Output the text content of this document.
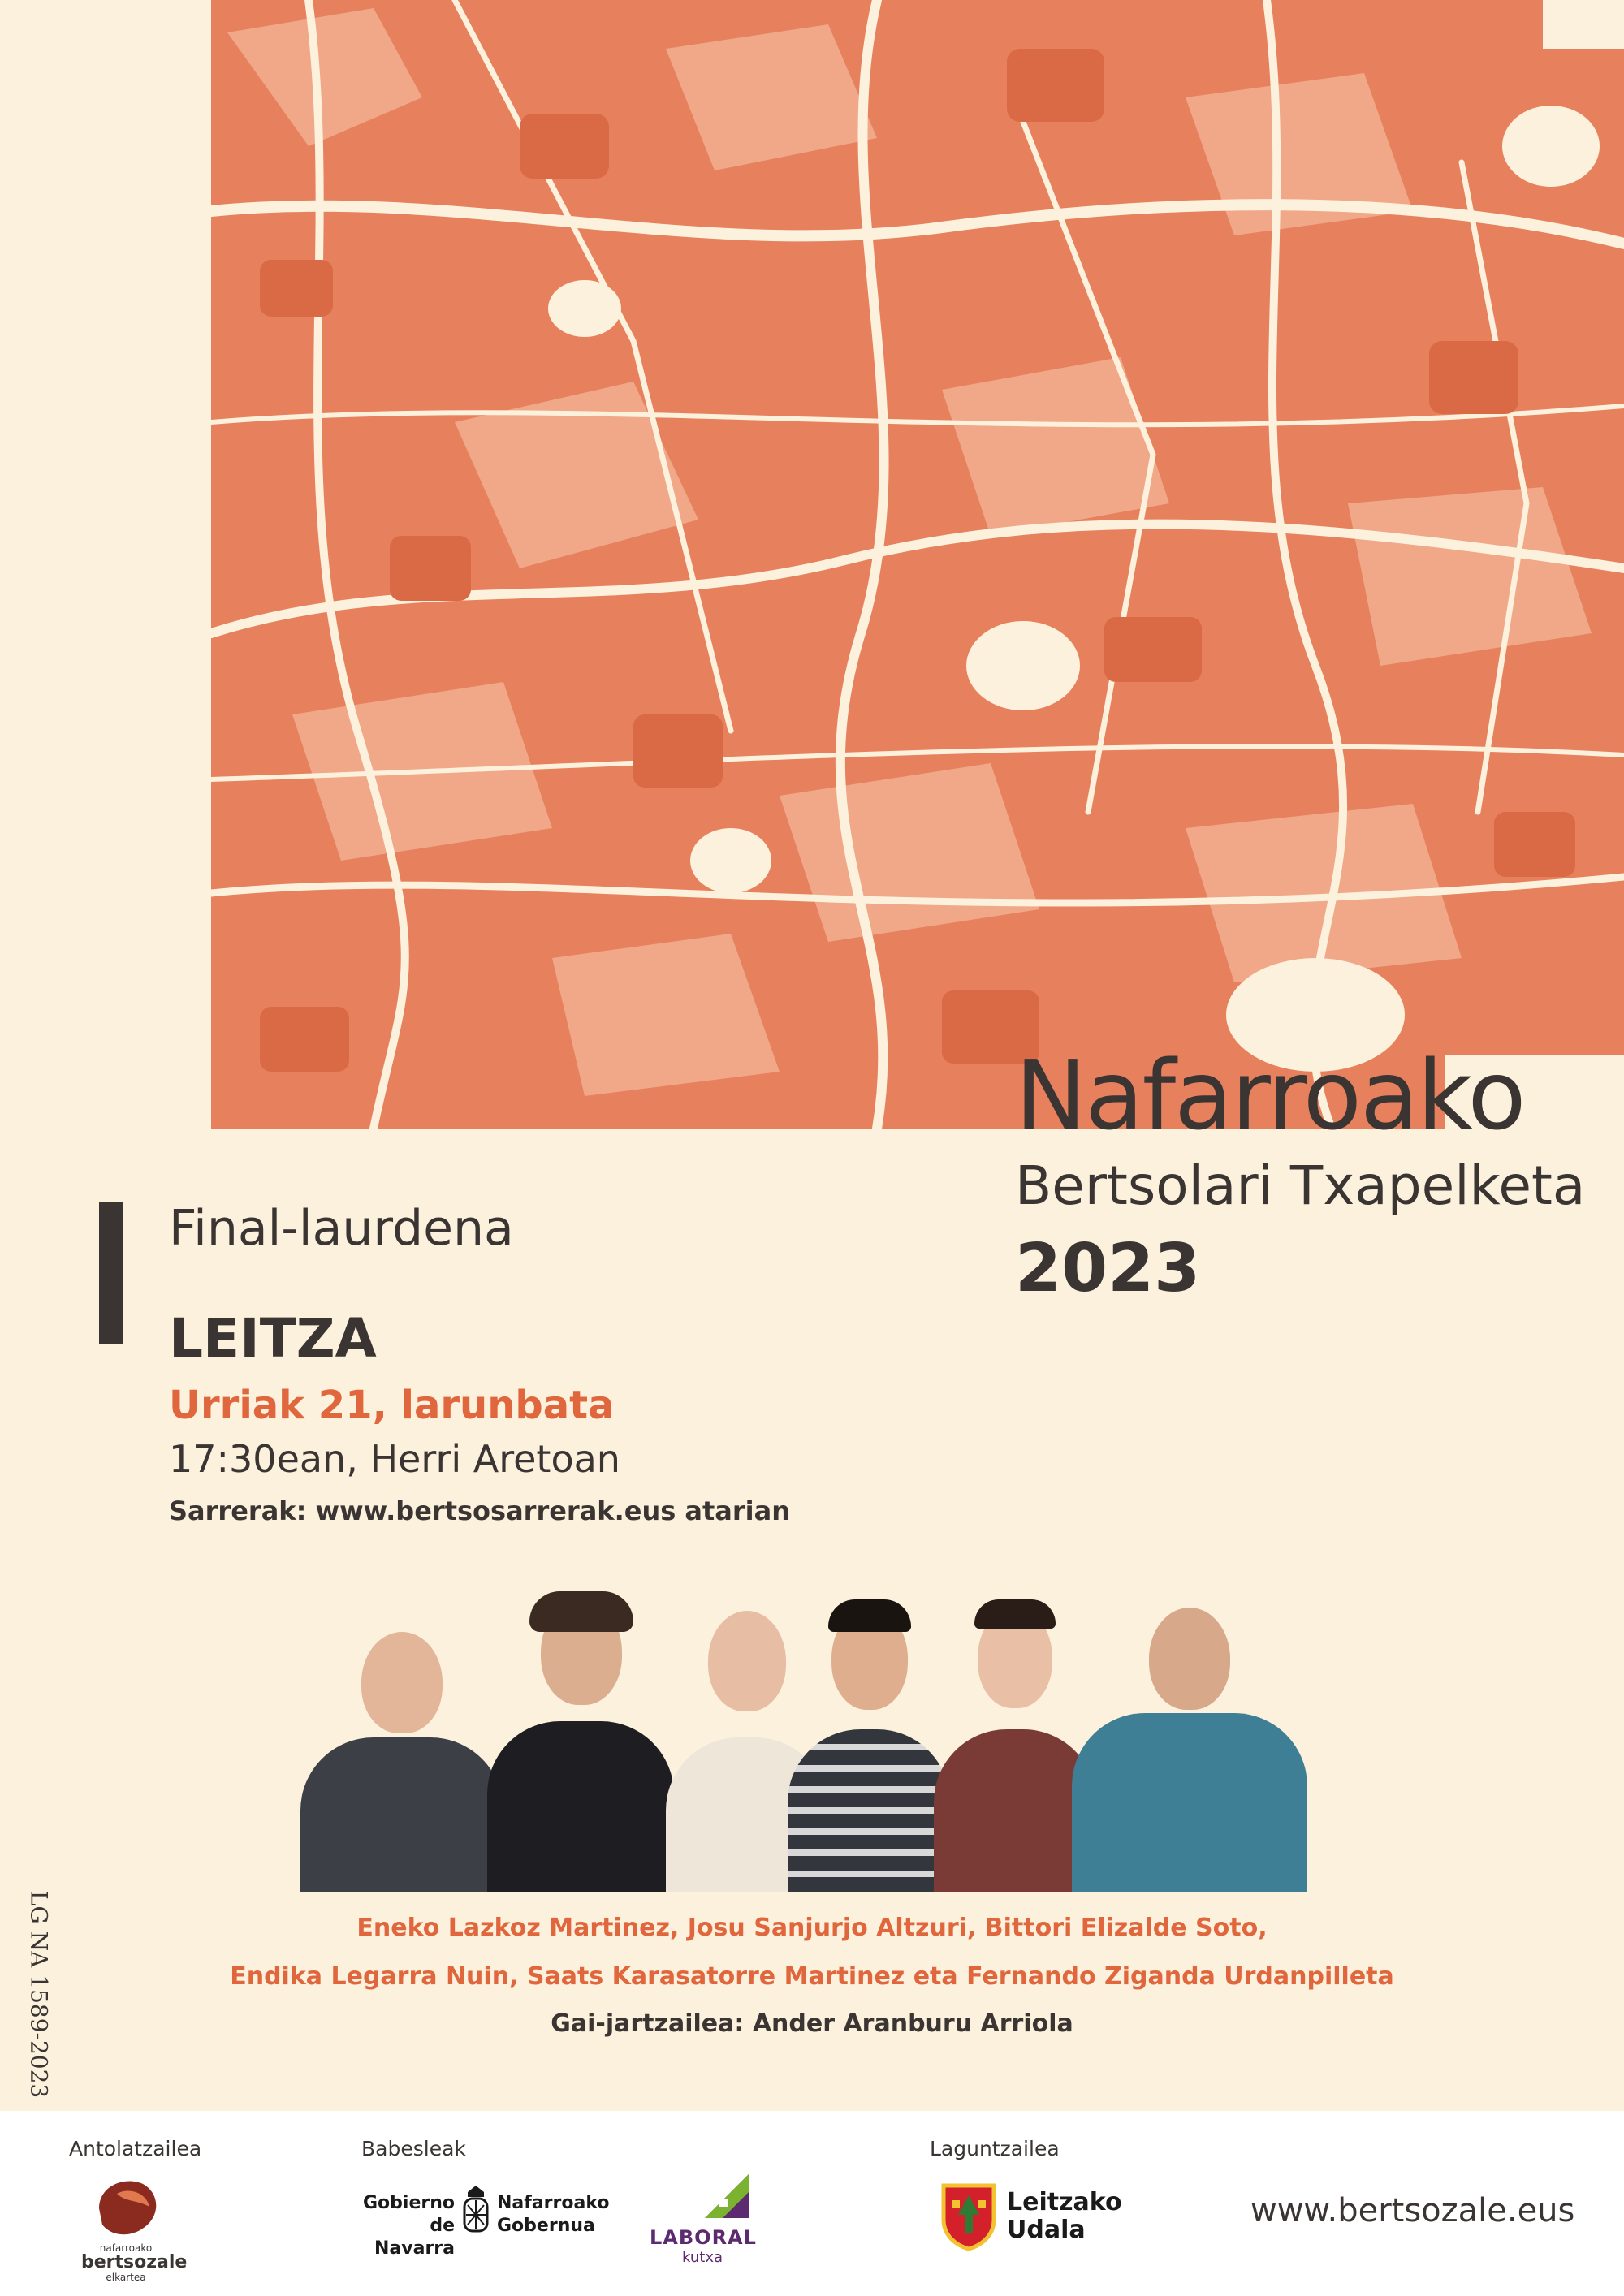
Nafarroako
Bertsolari Txapelketa
2023
Final-laurdena
LEITZA
Urriak 21, larunbata
17:30ean, Herri Aretoan
Sarrerak: www.bertsosarrerak.eus atarian
Eneko Lazkoz Martinez, Josu Sanjurjo Altzuri, Bittori Elizalde Soto,
Endika Legarra Nuin, Saats Karasatorre Martinez eta Fernando Ziganda Urdanpilleta
Gai-jartzailea: Ander Aranburu Arriola
LG NA 1589-2023
Antolatzailea	Babesleak	Laguntzailea
nafarroako
bertsozale
elkartea
Gobierno
de Navarra
Nafarroako
Gobernua
LABORAL
kutxa
Leitzako
Udala
www.bertsozale.eus
